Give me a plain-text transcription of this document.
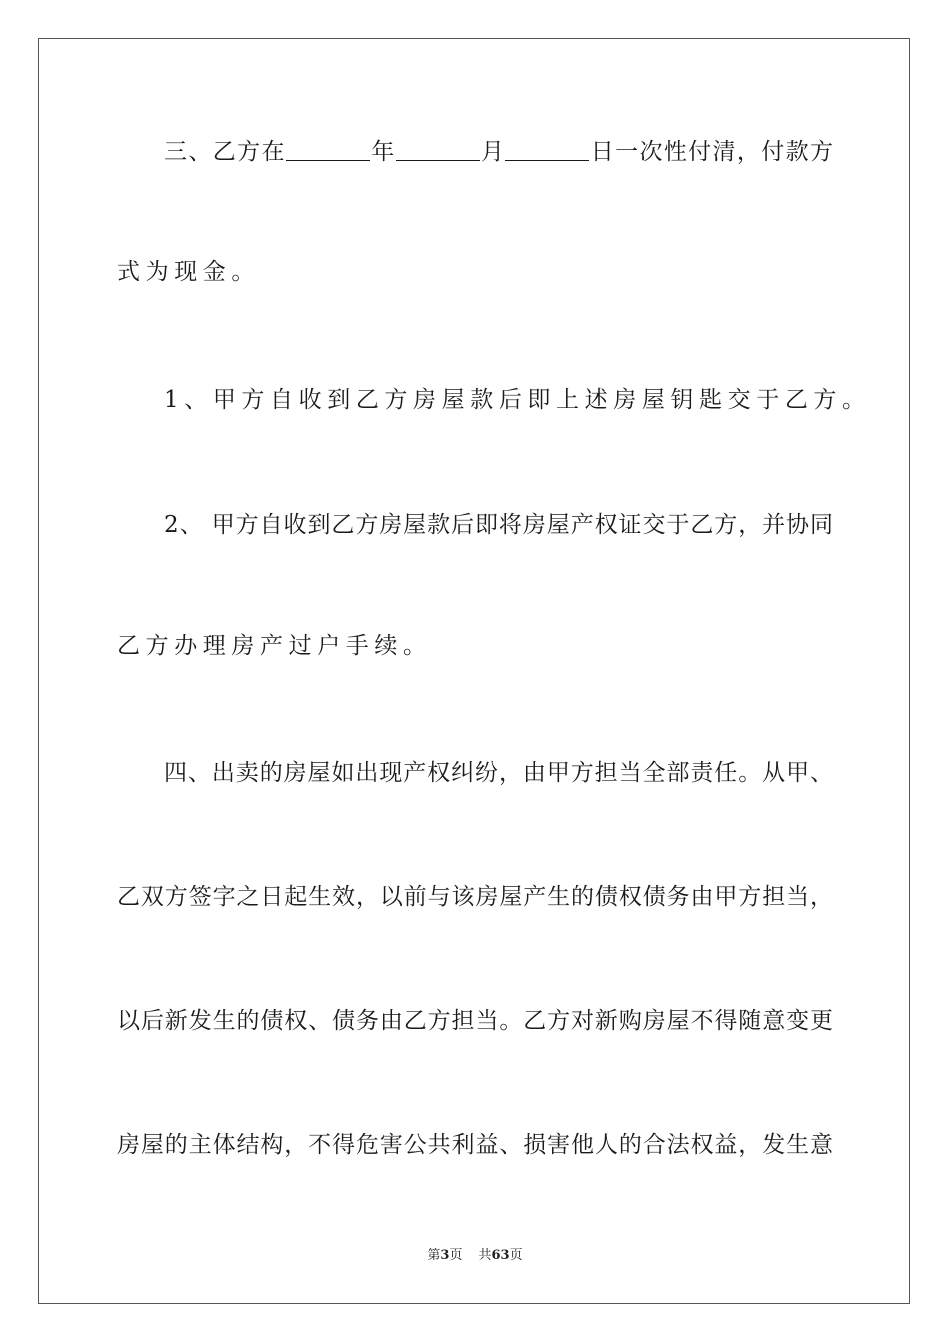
三、乙方在	年	月	日一次性付清，付款方
式为现金。
1、甲方自收到乙方房屋款后即上述房屋钥匙交于乙方。
2、 甲方自收到乙方房屋款后即将房屋产权证交于乙方，并协同
乙方办理房产过户手续。
四、出卖的房屋如出现产权纠纷，由甲方担当全部责任。从甲、
乙双方签字之日起生效，以前与该房屋产生的债权债务由甲方担当，
以后新发生的债权、债务由乙方担当。乙方对新购房屋不得随意变更
房屋的主体结构，不得危害公共利益、损害他人的合法权益，发生意
第3页 共63页
